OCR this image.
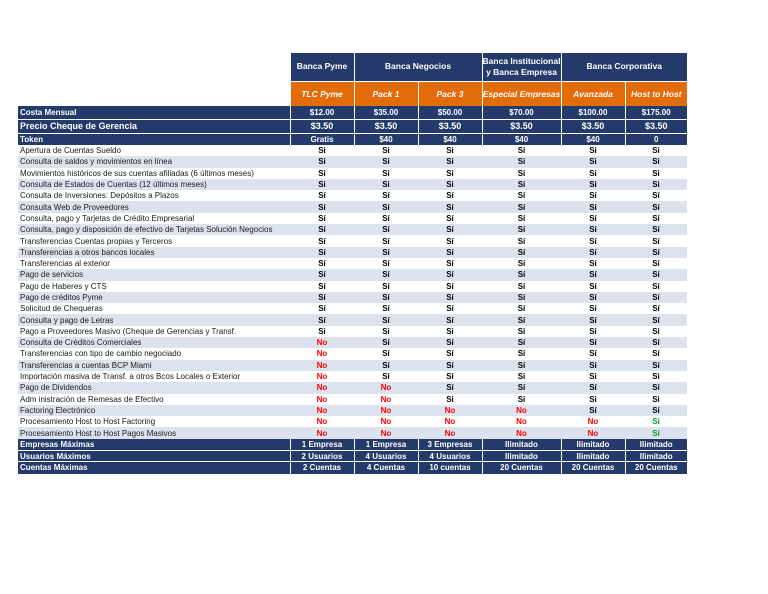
	Banca Pyme	Banca Negocios		Banca Institucional y Banca Empresa	Banca Corporativa	
	TLC Pyme	Pack 1	Pack 3	Especial Empresas	Avanzada	Host to Host
Costa Mensual	$12.00	$35.00	$50.00	$70.00	$100.00	$175.00
Precio Cheque de Gerencia	$3.50	$3.50	$3.50	$3.50	$3.50	$3.50
Token	Gratis	$40	$40	$40	$40	0
Apertura de Cuentas Sueldo	Si	Si	Si	Si	Si	Si
Consulta de saldos y movimientos en línea	Si	Si	Si	Si	Si	Si
Movimientos históricos de sus cuentas afiliadas (6 últimos meses)	Si	Si	Si	Si	Si	Si
Consulta de Estados de Cuentas (12 últimos meses)	Si	Si	Si	Si	Si	Si
Consulta de Inversiones: Depósitos a Plazos	Sí	Sí	Sí	Sí	Sí	Sí
Consulta Web de Proveedores	Sí	Sí	Sí	Sí	Sí	Sí
Consulta, pago y Tarjetas de Crédito Empresarial	Sí	Sí	Sí	Sí	Sí	Sí
Consulta, pago y disposición de efectivo de Tarjetas Solución Negocios	Sí	Sí	Sí	Sí	Sí	Sí
Transferencias Cuentas propias y Terceros	Sí	Sí	Sí	Sí	Sí	Sí
Transferencias a otros bancos locales	Sí	Sí	Sí	Sí	Sí	Sí
Transferencias al exterior	Sí	Sí	Sí	Sí	Sí	Sí
Pago de servicios	Sí	Sí	Sí	Sí	Sí	Sí
Pago de Haberes y CTS	Sí	Sí	Sí	Sí	Sí	Sí
Pago de créditos Pyme	Sí	Sí	Sí	Sí	Sí	Sí
Solicitud de Chequeras	Sí	Sí	Sí	Sí	Sí	Sí
Consulta y pago de Letras	Sí	Sí	Sí	Sí	Sí	Sí
Pago a Proveedores Masivo (Cheque de Gerencias y Transf.	Si	Si	Si	Si	Si	Si
Consulta de Créditos Comerciales	No	Sí	Sí	Sí	Sí	Sí
Transferencias con tipo de cambio negociado	No	Sí	Sí	Sí	Sí	Sí
Transferencias a cuentas BCP Miami	No	Sí	Sí	Sí	Sí	Sí
Importación masiva de Transf. a otros Bcos Locales o Exterior	No	Si	Si	Si	Si	Si
Pago de Dividendos	No	No	Sí	Sí	Sí	Sí
Adm inistración de Remesas de Efectivo	No	No	Si	Si	Si	Si
Factoring Electrónico	No	No	No	No	Sí	Sí
Procesamiento Host to Host Factoring	No	No	No	No	No	Sí
Procesamiento Host to Host Pagos Masivos	No	No	No	No	No	Sí
Empresas Máximas	1 Empresa	1 Empresa	3 Empresas	Ilimitado	Ilimitado	Ilimitado
Usuarios Máximos	2 Usuarios	4 Usuarios	4 Usuarios	Ilimitado	Ilimitado	Ilimitado
Cuentas Máximas	2 Cuentas	4 Cuentas	10 cuentas	20 Cuentas	20 Cuentas	20 Cuentas
